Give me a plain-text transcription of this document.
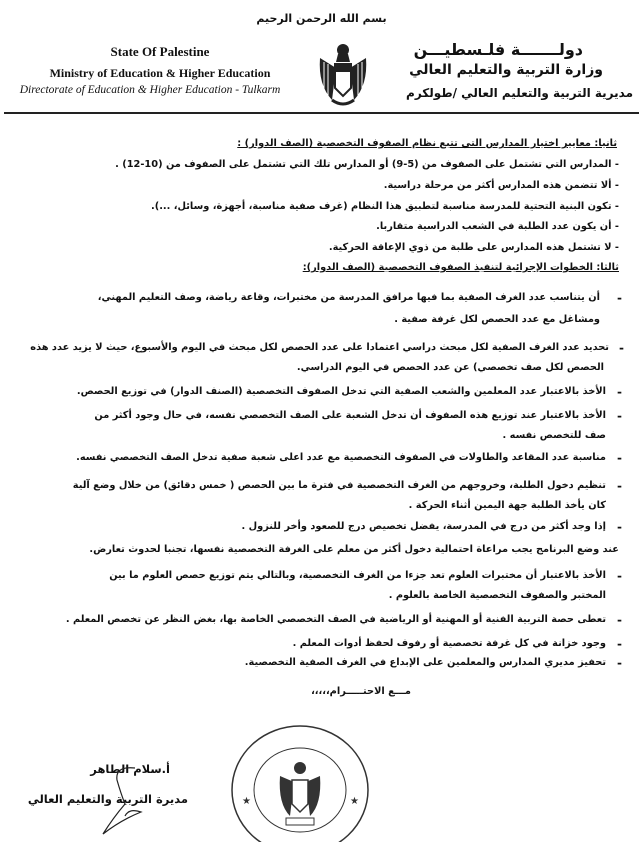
بسم الله الرحمن الرحيم
State Of Palestine
Ministry of Education & Higher Education
Directorate of Education & Higher Education - Tulkarm
دولـــــــة فلـسطيـــن
وزارة التربية والتعليم العالي
مديرية التربية والتعليم العالي /طولكرم
ثانيا: معايير اختيار المدارس التي تتبع نظام الصفوف التخصصية (الصف الدوار) :
- المدارس التي تشتمل على الصفوف من (5-9) أو المدارس تلك التي تشتمل على الصفوف من (10-12) .
- ألا تتضمن هذه المدارس أكثر من مرحلة دراسية.
- تكون البنية التحتية للمدرسة مناسبة لتطبيق هذا النظام (غرف صفية مناسبة، أجهزة، وسائل، ...).
- أن يكون عدد الطلبة في الشعب الدراسية متقاربا.
- لا تشتمل هذه المدارس على طلبة من ذوي الإعاقة الحركية.
ثالثا: الخطوات الإجرائية لتنفيذ الصفوف التخصصية (الصف الدوار):
-
أن يتناسب عدد الغرف الصفية بما فيها مرافق المدرسة من مختبرات، وقاعة رياضة، وصف التعليم المهني،
ومشاغل مع عدد الحصص لكل غرفة صفية .
-
تحديد عدد الغرف الصفية لكل مبحث دراسي اعتمادا على عدد الحصص لكل مبحث في اليوم والأسبوع، حيث لا يزيد عدد هذه
الحصص لكل صف تخصصي) عن عدد الحصص في اليوم الدراسي.
-
الأخذ بالاعتبار عدد المعلمين والشعب الصفية التي تدخل الصفوف التخصصية (الصنف الدوار) في توزيع الحصص.
-
الأخذ بالاعتبار عند توزيع هذه الصفوف أن تدخل الشعبة على الصف التخصصي نفسه، في حال وجود أكثر من
صف للتخصص نفسه .
-
مناسبة عدد المقاعد والطاولات في الصفوف التخصصية مع عدد اعلى شعبة صفية تدخل الصف التخصصي نفسه.
-
تنظيم دخول الطلبة، وخروجهم من الغرف التخصصية في فترة ما بين الحصص ( خمس دقائق) من خلال وضع آلية
كان يأخذ الطلبة جهة اليمين أثناء الحركة .
-
إذا وجد أكثر من درج في المدرسة، يفضل تخصيص درج للصعود وأخر للنزول .
عند وضع البرنامج يجب مراعاة احتمالية دخول أكثر من معلم على الغرفة التخصصية نفسها، تجنبا لحدوث تعارض.
-
الأخذ بالاعتبار أن مختبرات العلوم تعد جزءا من الغرف التخصصية، وبالتالي يتم توزيع حصص العلوم ما بين
المختبر والصفوف التخصصية الخاصة بالعلوم .
-
تعطى حصة التربية الفنية أو المهنية أو الرياضية في الصف التخصصي الخاصة بها، بغض النظر عن تخصص المعلم .
-
وجود خزانة في كل غرفة تخصصية أو رفوف لحفظ أدوات المعلم .
-
تحفيز مديري المدارس والمعلمين على الإبداع في الغرف الصفية التخصصية.
مـــع الاحتـــــرام،،،،،
★	★
أ.سلام الطاهر
مديرة التربية والتعليم العالي
